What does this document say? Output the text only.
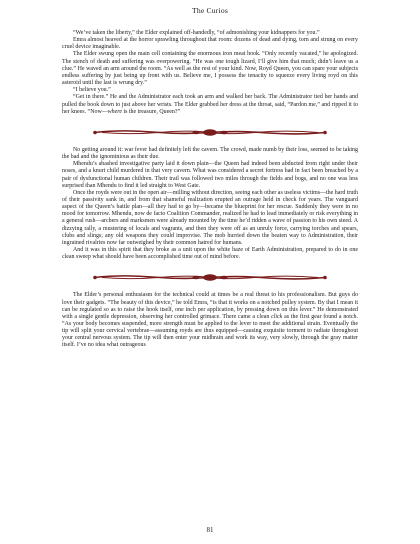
The Curios

“We’ve taken the liberty,” the Elder explained off-handedly, “of admonishing your kidnappers for you.”

Emra almost heaved at the horror sprawling throughout that room: dozens of dead and dying, torn and strung on every cruel device imaginable.

The Elder swung open the main cell containing the enormous iron meat hook. “Only recently vacated,” he apologized. The stench of death and suffering was overpowering. “He was one tough lizard, I’ll give him that much; didn’t leave us a clue.” He waved an arm around the room. “As well as the rest of your kind. Now, Royd Queen, you can spare your subjects endless suffering by just being up front with us. Believe me, I possess the tenacity to squeeze every living royd on this asteroid until the last is wrung dry.”

“I believe you.”

“Get in there.” He and the Administrator each took an arm and walked her back. The Administrator tied her hands and pulled the book down to just above her wrists. The Elder grabbed her dress at the throat, said, “Pardon me,” and ripped it to her knees. “Now—where is the treasure, Queen?”

No getting around it: war fever had definitely left the cavern. The crowd, made numb by their loss, seemed to be taking the bad and the ignominious as their due.

Mhendu’s abashed investigative party laid it down plain—the Queen had indeed been abducted from right under their noses, and a knurt child murdered in that very cavern. What was considered a secret fortress had in fact been breached by a pair of dysfunctional human children. Their trail was followed two miles through the fields and bogs, and no one was less surprised than Mhendu to find it led straight to West Gate.

Once the royds were out in the open air—milling without direction, seeing each other as useless victims—the hard truth of their passivity sank in, and from that shameful realization erupted an outrage held in check for years. The vanguard aspect of the Queen’s battle plan—all they had to go by—became the blueprint for her rescue. Suddenly they were in no mood for tomorrow. Mhendu, now de facto Coalition Commander, realized he had to lead immediately or risk everything in a general rush—archers and marksmen were already mounted by the time he’d ridden a wave of passion to his own steed. A dizzying rally, a mustering of locals and vagrants, and then they were off as an unruly force, carrying torches and spears, clubs and slings; any old weapons they could improvise. The mob hurried down the beaten way to Administration, their ingrained rivalries now far outweighed by their common hatred for humans.

And it was in this spirit that they broke as a unit upon the white haze of Earth Administration, prepared to do in one clean sweep what should have been accomplished time out of mind before.

The Elder’s personal enthusiasm for the technical could at times be a real threat to his professionalism. But guys do love their gadgets. “The beauty of this device,” he told Emra, “is that it works on a notched pulley system. By that I mean it can be regulated so as to raise the hook itself, one inch per application, by pressing down on this lever.” He demonstrated with a single gentle depression, observing her controlled grimace. There came a clean click as the first gear found a notch. “As your body becomes suspended, more strength must be applied to the lever to meet the additional strain. Eventually the tip will split your cervical vertebrae—assuming royds are thus equipped—causing exquisite torment to radiate throughout your central nervous system. The tip will then enter your midbrain and work its way, very slowly, through the gray matter itself. I’ve no idea what outrageous

81
